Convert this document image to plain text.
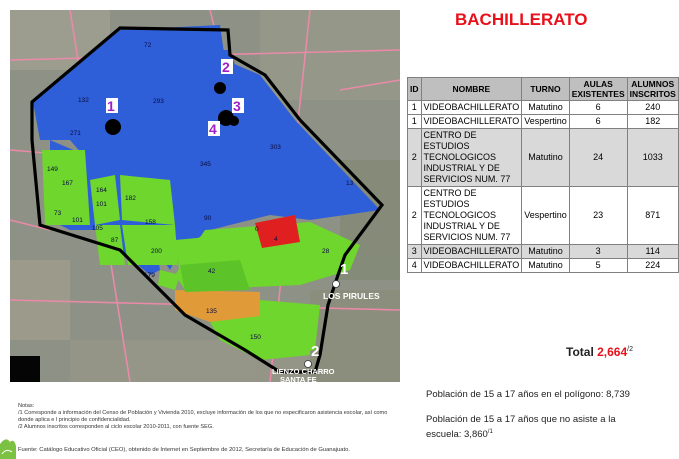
72
132	293
271
303
345
149
167
164
101
182
73
101
105
87
158
90
200
179
42
28
0
4
135
150
13
1
2
3
4
1
LOS PIRULES
2
LIENZO CHARRO
SANTA FE
BACHILLERATO
ID	NOMBRE	TURNO	AULAS EXISTENTES	ALUMNOS INSCRITOS
1	VIDEOBACHILLERATO	Matutino	6	240
1	VIDEOBACHILLERATO	Vespertino	6	182
2	CENTRO DE ESTUDIOS TECNOLOGICOS INDUSTRIAL Y DE SERVICIOS NUM. 77	Matutino	24	1033
2	CENTRO DE ESTUDIOS TECNOLOGICOS INDUSTRIAL Y DE SERVICIOS NUM. 77	Vespertino	23	871
3	VIDEOBACHILLERATO	Matutino	3	114
4	VIDEOBACHILLERATO	Matutino	5	224
Total $2,664^{/2}$
Población de 15 a 17 años en el polígono: 8,739
Población de 15 a 17 años que no asiste a la escuela: $3,860^{/1}$
Notas:
/1 Corresponde a información del Censo de Población y Vivienda 2010, excluye información de los que no especificaron asistencia escolar, así como donde aplica e l principio de confidencialidad.
/2 Alumnos inscritos corresponden al ciclo escolar 2010-2011, con fuente SEG.
Fuente: Catálogo Educativo Oficial (CEO), obtenido de Internet en Septiembre de 2012, Secretaría de Educación de Guanajuato.
